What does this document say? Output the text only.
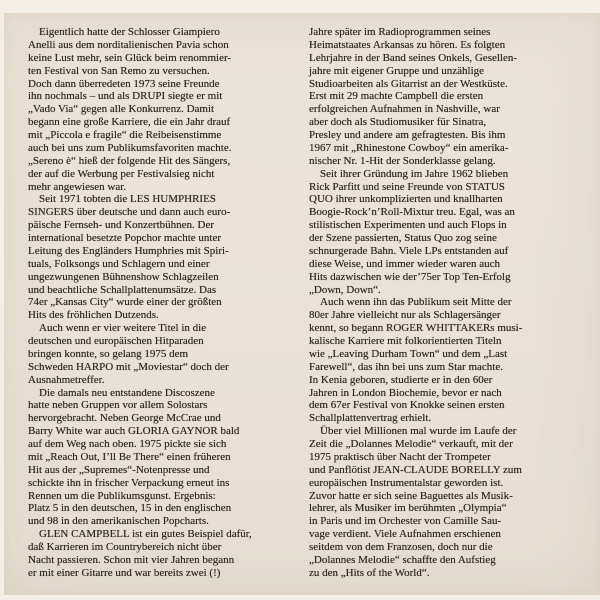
Eigentlich hatte der Schlosser Giampiero
Anelli aus dem norditalienischen Pavia schon
keine Lust mehr, sein Glück beim renommier-
ten Festival von San Remo zu versuchen.
Doch dann überredeten 1973 seine Freunde
ihn nochmals – und als DRUPI siegte er mit
„Vado Via“ gegen alle Konkurrenz. Damit
begann eine große Karriere, die ein Jahr drauf
mit „Piccola e fragile“ die Reibeisenstimme
auch bei uns zum Publikumsfavoriten machte.
„Sereno è“ hieß der folgende Hit des Sängers,
der auf die Werbung per Festivalsieg nicht
mehr angewiesen war.
Seit 1971 tobten die LES HUMPHRIES
SINGERS über deutsche und dann auch euro-
päische Fernseh- und Konzertbühnen. Der
international besetzte Popchor machte unter
Leitung des Engländers Humphries mit Spiri-
tuals, Folksongs und Schlagern und einer
ungezwungenen Bühnenshow Schlagzeilen
und beachtliche Schallplattenumsätze. Das
74er „Kansas City“ wurde einer der größten
Hits des fröhlichen Dutzends.
Auch wenn er vier weitere Titel in die
deutschen und europäischen Hitparaden
bringen konnte, so gelang 1975 dem
Schweden HARPO mit „Moviestar“ doch der
Ausnahmetreffer.
Die damals neu entstandene Discoszene
hatte neben Gruppen vor allem Solostars
hervorgebracht. Neben George McCrae und
Barry White war auch GLORIA GAYNOR bald
auf dem Weg nach oben. 1975 pickte sie sich
mit „Reach Out, I’ll Be There“ einen früheren
Hit aus der „Supremes“-Notenpresse und
schickte ihn in frischer Verpackung erneut ins
Rennen um die Publikumsgunst. Ergebnis:
Platz 5 in den deutschen, 15 in den englischen
und 98 in den amerikanischen Popcharts.
GLEN CAMPBELL ist ein gutes Beispiel dafür,
daß Karrieren im Countrybereich nicht über
Nacht passieren. Schon mit vier Jahren begann
er mit einer Gitarre und war bereits zwei (!)
Jahre später im Radioprogrammen seines
Heimatstaates Arkansas zu hören. Es folgten
Lehrjahre in der Band seines Onkels, Gesellen-
jahre mit eigener Gruppe und unzählige
Studioarbeiten als Gitarrist an der Westküste.
Erst mit 29 machte Campbell die ersten
erfolgreichen Aufnahmen in Nashville, war
aber doch als Studiomusiker für Sinatra,
Presley und andere am gefragtesten. Bis ihm
1967 mit „Rhinestone Cowboy“ ein amerika-
nischer Nr. 1-Hit der Sonderklasse gelang.
Seit ihrer Gründung im Jahre 1962 blieben
Rick Parfitt und seine Freunde von STATUS
QUO ihrer unkomplizierten und knallharten
Boogie-Rock’n’Roll-Mixtur treu. Egal, was an
stilistischen Experimenten und auch Flops in
der Szene passierten, Status Quo zog seine
schnurgerade Bahn. Viele LPs entstanden auf
diese Weise, und immer wieder waren auch
Hits dazwischen wie der’75er Top Ten-Erfolg
„Down, Down“.
Auch wenn ihn das Publikum seit Mitte der
80er Jahre vielleicht nur als Schlagersänger
kennt, so begann ROGER WHITTAKERs musi-
kalische Karriere mit folkorientierten Titeln
wie „Leaving Durham Town“ und dem „Last
Farewell“, das ihn bei uns zum Star machte.
In Kenia geboren, studierte er in den 60er
Jahren in London Biochemie, bevor er nach
dem 67er Festival von Knokke seinen ersten
Schallplattenvertrag erhielt.
Über viel Millionen mal wurde im Laufe der
Zeit die „Dolannes Melodie“ verkauft, mit der
1975 praktisch über Nacht der Trompeter
und Panflötist JEAN-CLAUDE BORELLY zum
europäischen Instrumentalstar geworden ist.
Zuvor hatte er sich seine Baguettes als Musik-
lehrer, als Musiker im berühmten „Olympia“
in Paris und im Orchester von Camille Sau-
vage verdient. Viele Aufnahmen erschienen
seitdem von dem Franzosen, doch nur die
„Dolannes Melodie“ schaffte den Aufstieg
zu den „Hits of the World“.
